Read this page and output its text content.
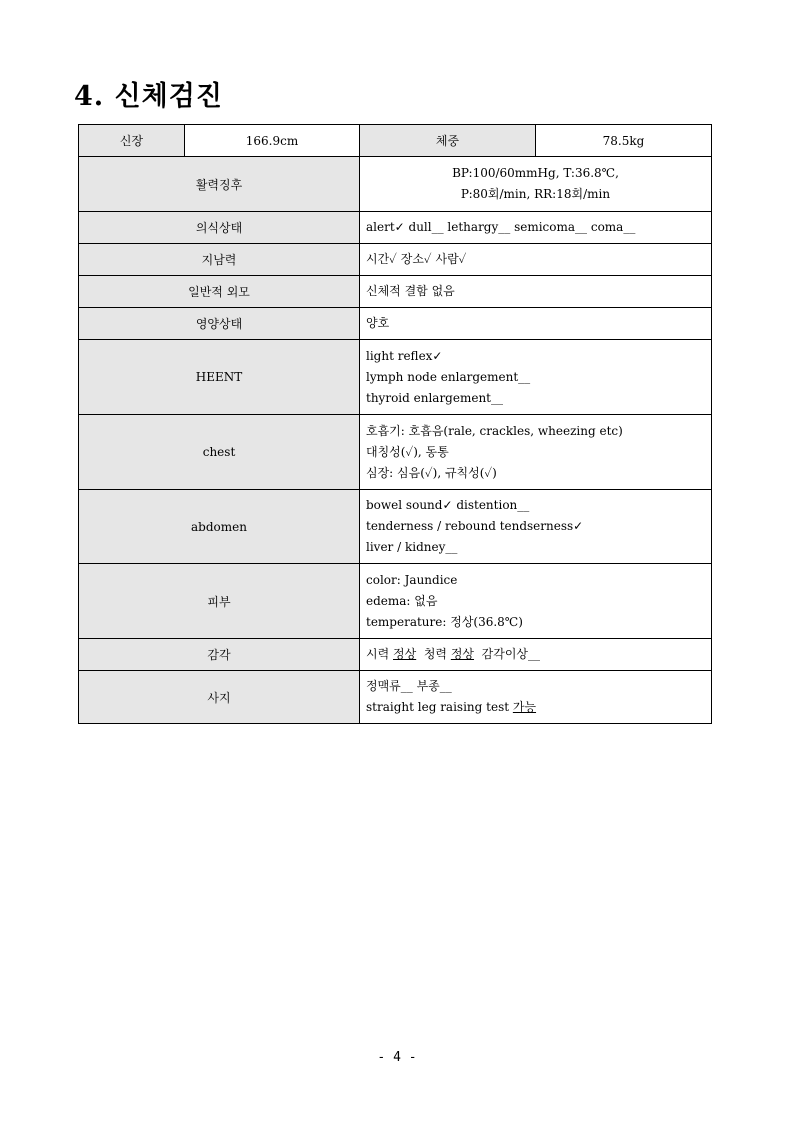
4. 신체검진
신장	166.9cm	체중	78.5kg
활력징후		BP:100/60mmHg, T:36.8℃,
P:80회/min, RR:18회/min	

의식상태		alert✓ dull__ lethargy__ semicoma__ coma__	
지남력		시간✓ 장소✓ 사람✓	
일반적 외모		신체적 결함 없음	
영양상태		양호	
HEENT		light reflex✓
lymph node enlargement__
thyroid enlargement__	

chest		호흡기: 호흡음(rale, crackles, wheezing etc)
대칭성(✓), 동통
심장: 심음(✓), 규칙성(✓)	

abdomen		bowel sound✓ distention__
tenderness / rebound tendserness✓
liver / kidney__	

피부		color: Jaundice
edema: 없음
temperature: 정상(36.8℃)	

감각		시력 정상  청력 정상  감각이상__	
사지		정맥류__ 부종__
straight leg raising test 가능	
- 4 -
